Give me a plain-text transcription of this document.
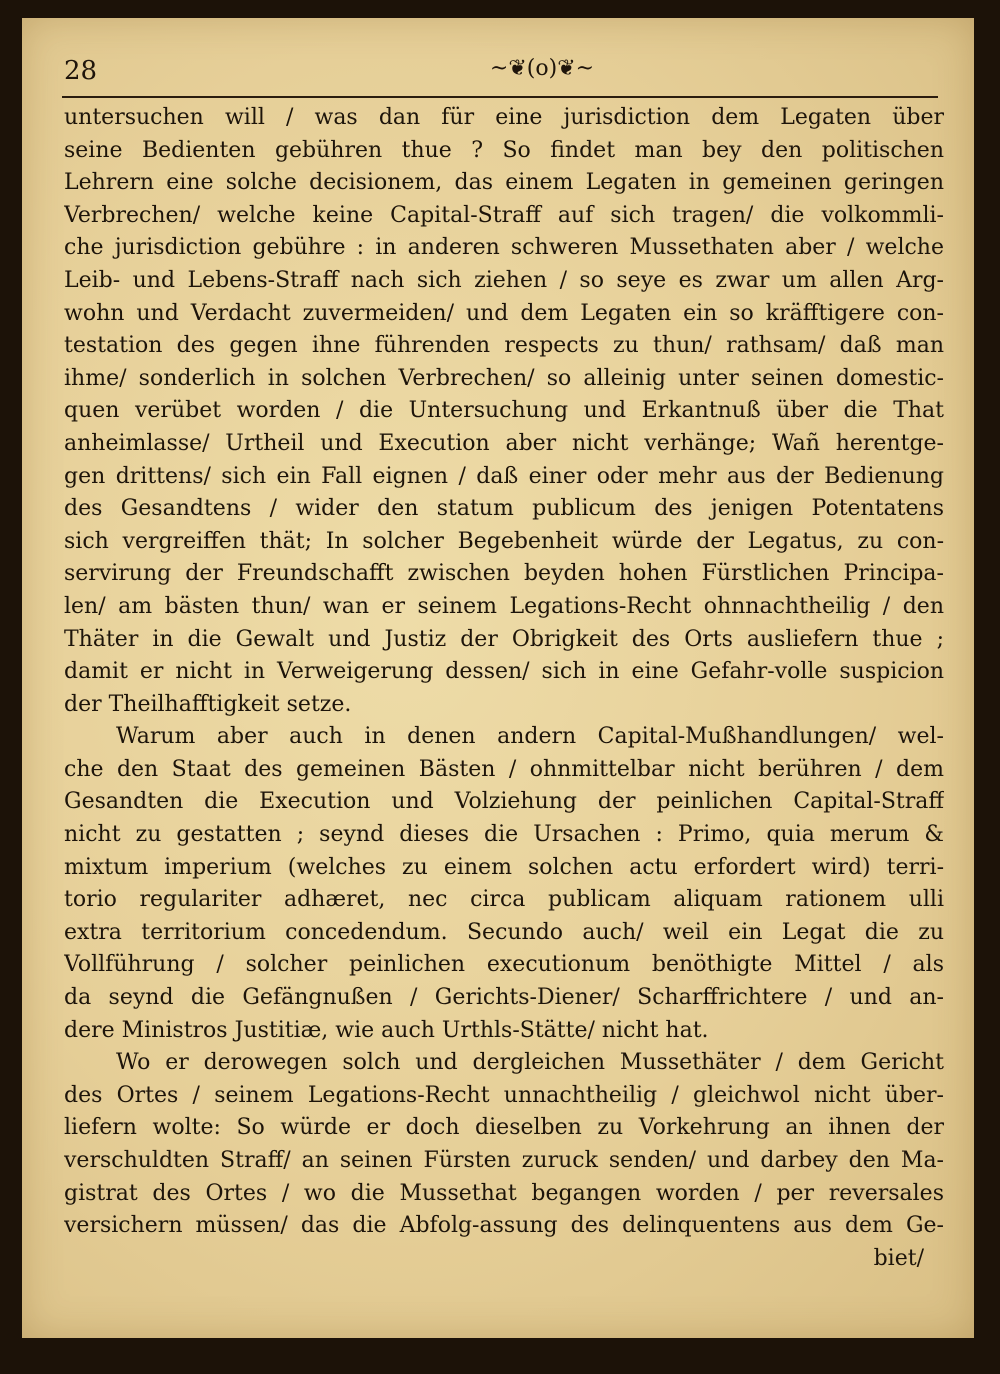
28	~❦(o)❦~
untersuchen will / was dan für eine jurisdiction dem Legaten über
seine Bedienten gebühren thue ? So findet man bey den politischen
Lehrern eine solche decisionem, das einem Legaten in gemeinen geringen
Verbrechen/ welche keine Capital-Straff auf sich tragen/ die volkommli-
che jurisdiction gebühre : in anderen schweren Mussethaten aber / welche
Leib- und Lebens-Straff nach sich ziehen / so seye es zwar um allen Arg-
wohn und Verdacht zuvermeiden/ und dem Legaten ein so kräfftigere con-
testation des gegen ihne führenden respects zu thun/ rathsam/ daß man
ihme/ sonderlich in solchen Verbrechen/ so alleinig unter seinen domestic-
quen verübet worden / die Untersuchung und Erkantnuß über die That
anheimlasse/ Urtheil und Execution aber nicht verhänge; Wañ herentge-
gen drittens/ sich ein Fall eignen / daß einer oder mehr aus der Bedienung
des Gesandtens / wider den statum publicum des jenigen Potentatens
sich vergreiffen thät; In solcher Begebenheit würde der Legatus, zu con-
servirung der Freundschafft zwischen beyden hohen Fürstlichen Principa-
len/ am bästen thun/ wan er seinem Legations-Recht ohnnachtheilig / den
Thäter in die Gewalt und Justiz der Obrigkeit des Orts ausliefern thue ;
damit er nicht in Verweigerung dessen/ sich in eine Gefahr-volle suspicion
der Theilhafftigkeit setze.
Warum aber auch in denen andern Capital-Mußhandlungen/ wel-
che den Staat des gemeinen Bästen / ohnmittelbar nicht berühren / dem
Gesandten die Execution und Volziehung der peinlichen Capital-Straff
nicht zu gestatten ; seynd dieses die Ursachen : Primo, quia merum &
mixtum imperium (welches zu einem solchen actu erfordert wird) terri-
torio regulariter adhæret, nec circa publicam aliquam rationem ulli
extra territorium concedendum. Secundo auch/ weil ein Legat die zu
Vollführung / solcher peinlichen executionum benöthigte Mittel / als
da seynd die Gefängnußen / Gerichts-Diener/ Scharffrichtere / und an-
dere Ministros Justitiæ, wie auch Urthls-Stätte/ nicht hat.
Wo er derowegen solch und dergleichen Mussethäter / dem Gericht
des Ortes / seinem Legations-Recht unnachtheilig / gleichwol nicht über-
liefern wolte: So würde er doch dieselben zu Vorkehrung an ihnen der
verschuldten Straff/ an seinen Fürsten zuruck senden/ und darbey den Ma-
gistrat des Ortes / wo die Mussethat begangen worden / per reversales
versichern müssen/ das die Abfolg-assung des delinquentens aus dem Ge-
biet/
